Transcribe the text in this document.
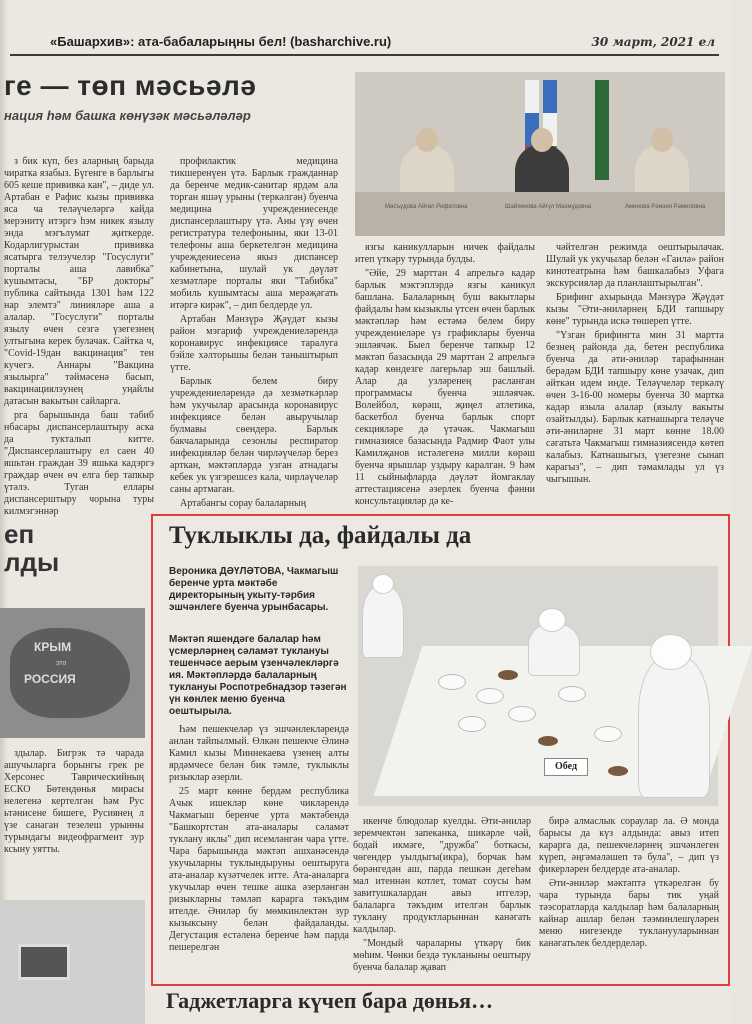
«Башархив»: ата-бабаларыңны бел! (basharchive.ru)	30 март, 2021 ел
ге — төп мәсьәлә
нация һәм башка көнүзәк мәсьәләләр

з бик күп, без аларның барыда чиратка язабыз. Бүгенге в барлыгы 605 кеше прививка кан", – диде ул. Артабан е Рафис кызы прививка яса ча теләүчеләргә кайда мерэнитү итэргэ һэм никек язылу энда мэгълумат җиткерде. Кодарлигурыстан прививка ясатырга телэучелэр "Госуслуги" порталы аша лавибка" кушымтасы, "БР докторы" публика сайтында 1301 һәм 122 нар элемтэ" линияләре аша а алалар. "Госуслуги" порталы язылу өчен сезгә үзегезнең ултыгына керек булачак. Сайтка ч, "Covid-19дан вакцинация" тен кучегэ. Аннары "Вакцина язылырга" тәймәсенә басып, вакцинациялэунең уңайлы датасын вакытын сайларга.

рга барышында баш табиб нбасары диспансерлаштыру аска да тукталып китте. "Диспансерлаштыру ел саен 40 яшьтән граждан 39 яшька кадэргэ граждар өчен өч елга бер тапкыр үтәлэ. Туган еллары диспансерштыру чорына туры килмэгэннәр

профилактик медицина тикшеренүен үтә. Барлык гражданнар да беренче медик-санитар ярдәм ала торган яшәү урыны (теркәлгән) буенча медицина учреждениесенде диспансерлаштыру үтә. Аны үзү өчен регистратура телефоныны, яки 13-01 телефоны аша беркетелгән медицина учреждениесенә якыз диспансер кабинетына, шулай ук дәүләт хезмәтләре порталы яки "Табибка" мобиль кушымтасы аша мерәҗәгать итәргә кирәк", – дип белдерде ул.

Артабан Мәнзүрә Җәүдәт кызы район мэгариф учреждениеләрендә коронавирус инфекциясе таралуга бэйле хәлторышы белән таныштырып үтте.

Барлык белем биру учреждениеләрендә дә хезмәткәрләр һәм укучылар арасында коронавирус инфекциясе белән авыручылар булмавы сөендерә. Барлык бакчаларында сезонлы респиратор инфекцияләр белән чирләүчеләр берез арткан, мәктәпләрдә узган атнадагы кебек ук үзгэрешсез кала, чирләүчеләр саны артмаган.

Артабангы сорау балаларның

Мәсъүдова Айгөл Рифатовна	Шайхинова Айгүл Махмудовна	Аминова Рәмзия Рәмиловна

язгы каникулларын ничек файдалы итеп үткәру турында булды.

"Әйе, 29 марттан 4 апрельгә кадәр барлык мэктэплэрдә язгы каникул башлана. Балаларның буш вакытлары файдалы һәм кызыклы үтсен өчен барлык мәктәпләр һәм естәмә белем биру учреждениеләре үз графиклары буенча эшләячәк. Быел беренче тапкыр 12 мәктәп базасында 29 марттан 2 апрельгә кадәр көндезге лагерьлар эш башлый. Алар да узләренең расланган программасы буенча эшләячәк. Волейбол, көрәш, җиңел атлетика, баскетбол буенча барлык спорт секцияләре дә үтәчәк. Чакмагыш гимназиясе базасында Радмир Фаот улы Камилҗанов истәлегенә милли көрәш буенча ярышлар уздыру каралган. 9 һәм 11 сыйныфларда дәүләт йомгаклау аттестациясенә әзерлек буенча фәнни консультацияләр дә ке-

чәйтелгән режимда оештырылачак. Шулай ук укучылар белән «Гаилә» район кинотеатрына һәм башкалабыз Уфага экскурсияләр да планлаштырылган".

Брифинг ахырында Мәнзүрә Җәүдәт кызы "Әти-әниләрнең БДИ тапшыру көне" турында искә төшереп үтте.

"Үзган брифингта мин 31 мартта безнең районда да, бетен республика буенча да әти-әниләр тарафыннан берәдәм БДИ тапшыру көне узачак, дип әйткән идем инде. Теләүчеләр теркәлү өчен 3-16-00 номеры буенча 30 мартка кадәр язылa алалар (язылу вакыты озайтылды). Барлык катнашырга теләүче әти-әниләрне 31 март көнне 18.00 сәгатьтә Чакмагыш гимназиясендә көтеп калабыз. Катнашыгыз, үзегезне сынап карагыз", – дип тәмамлады ул үз чыгышын.

еп
лды
КРЫМ
это
РОССИЯ

здылар. Бигрэк тә чарада ашучыларга борынгы грек ре Херсонес Таврическийның ЕСКО Бөтендөнья мирасы нелегенә кертелгән һәм Рус ьтәнисене бишеге, Русиянең л үзе санаган тезелеш урынны турындагы видеофрагмент зур ксыну уятты.

Туклыклы да, файдалы да
Вероника ДӘҮЛӘТОВА, Чакмагыш беренче урта мәктәбе директорының укыту-тәрбия эшчәнлеге буенча урынбасары.
Мәктәп яшендәге балалар һәм үсмерләрнең сәламәт туклануы тешенчәсе аерым үзенчәлекләргә ия. Мәктәпләрдә балаларның туклануы Роспотребнадзор тәзегән үн көнлек меню буенча оештырыла.
Обед

Һәм пешекчеләр үз эшчәнлекләрендә анлан тайпылмый. Өлкән пешекче Әлинә Камил кызы Миннекаева үзенең алты ярдәмчесе белән бик тәмле, туклыклы ризыклар әзерли.

25 март көнне бердәм республика Ачык ишекләр көне чикләрендә Чакмагыш беренче урта мәктәбендә "Башкортстан ата-аналары сәламәт туклану яклы" дип исемләнгән чара үтте. Чара барышында мәктәп ашханәсендә укучыларны туклындыруны оештыруга ата-аналар күзәтчелек итте. Ата-аналарга укучылар өчен тешке ашка әзерләнгән ризыкларны тәмләп карарга тәкъдим ителде. Әниләр бу мөмкинлектән зур кызыксыну белән файдаланды. Дегустация естәленә беренче һәм парда пешерелгән

икенче блюдолар куелды. Әти-әниләр зеремчектән запеканка, шикәрле чәй, бодай икмәге, "дружба" боткасы, чөгендер уылдыгы(икра), борчак һәм бөрәнгедән аш, парда пешкән дегеһәм мал итеннән котлет, томат соусы һәм завитушкалардан авыз итгелэр, балаларга тәкъдим ителгән барлык туклану продуктларыннан канәгать калдылар.

"Мондый чараларны үткәрү бик мөһим. Чөнки бездә тукланыны оештыру буенча балалар җавап

бирә алмаслык сораулар ла. Ә монда барысы да күз алдында: авыз итеп карарга да, пешекчеләрнең эшчәнлеген күреп, әңгәмәләшеп тә була", – дип үз фикерләрен белдерде ата-аналар.

Әти-әниләр мәктәптә үткәрелгән бу чара турында бары тик уңай тәэсоратларда калдылар һәм балаларның кайнар ашлар белән тәэминлешүләрен меню нигезенде тукланууларыннан канәгатьлек белдерделәр.

Гаджетларга күчеп бара дөнья…
